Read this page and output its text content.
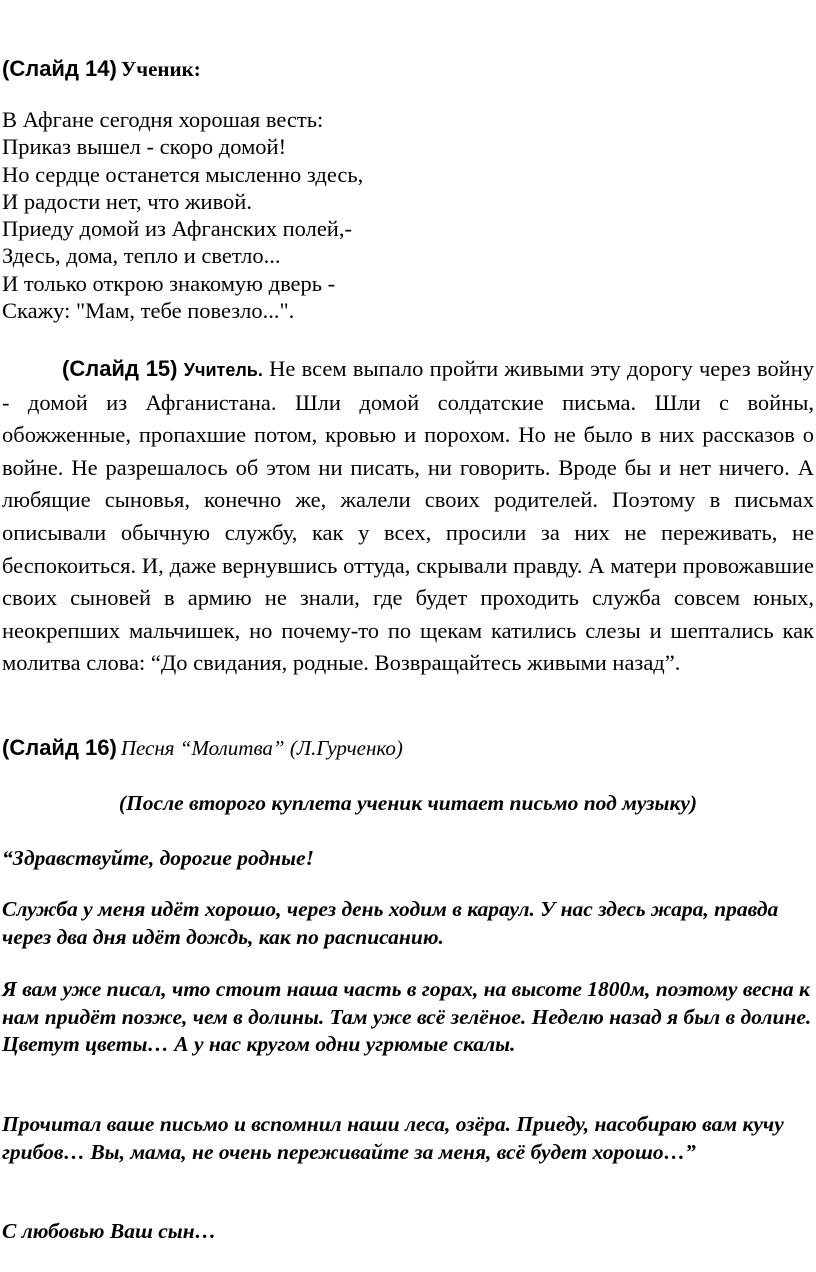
(Слайд 14) Ученик:
В Афгане сегодня хорошая весть:
Приказ вышел - скоро домой!
Но сердце останется мысленно здесь,
И радости нет, что живой.
Приеду домой из Афганских полей,-
Здесь, дома, тепло и светло...
И только открою знакомую дверь -
Скажу: "Мам, тебе повезло...".
(Слайд 15) Учитель. Не всем выпало пройти живыми эту дорогу через войну - домой из Афганистана. Шли домой солдатские письма. Шли с войны, обожженные, пропахшие потом, кровью и порохом. Но не было в них рассказов о войне. Не разрешалось об этом ни писать, ни говорить. Вроде бы и нет ничего. А любящие сыновья, конечно же, жалели своих родителей. Поэтому в письмах описывали обычную службу, как у всех, просили за них не переживать, не беспокоиться. И, даже вернувшись оттуда, скрывали правду. А матери провожавшие своих сыновей в армию не знали, где будет проходить служба совсем юных, неокрепших мальчишек, но почему-то по щекам катились слезы и шептались как молитва слова: “До свидания, родные. Возвращайтесь живыми назад”.
(Слайд 16) Песня “Молитва” (Л.Гурченко)
(После второго куплета ученик читает письмо под музыку)
“Здравствуйте, дорогие родные!
Служба у меня идёт хорошо, через день ходим в караул. У нас здесь жара, правда через два дня идёт дождь, как по расписанию.
Я вам уже писал, что стоит наша часть в горах, на высоте 1800м, поэтому весна к нам придёт позже, чем в долины. Там уже всё зелёное. Неделю назад я был в долине. Цветут цветы… А у нас кругом одни угрюмые скалы.
Прочитал ваше письмо и вспомнил наши леса, озёра. Приеду, насобираю вам кучу грибов… Вы, мама, не очень переживайте за меня, всё будет хорошо…”
С любовью Ваш сын…
